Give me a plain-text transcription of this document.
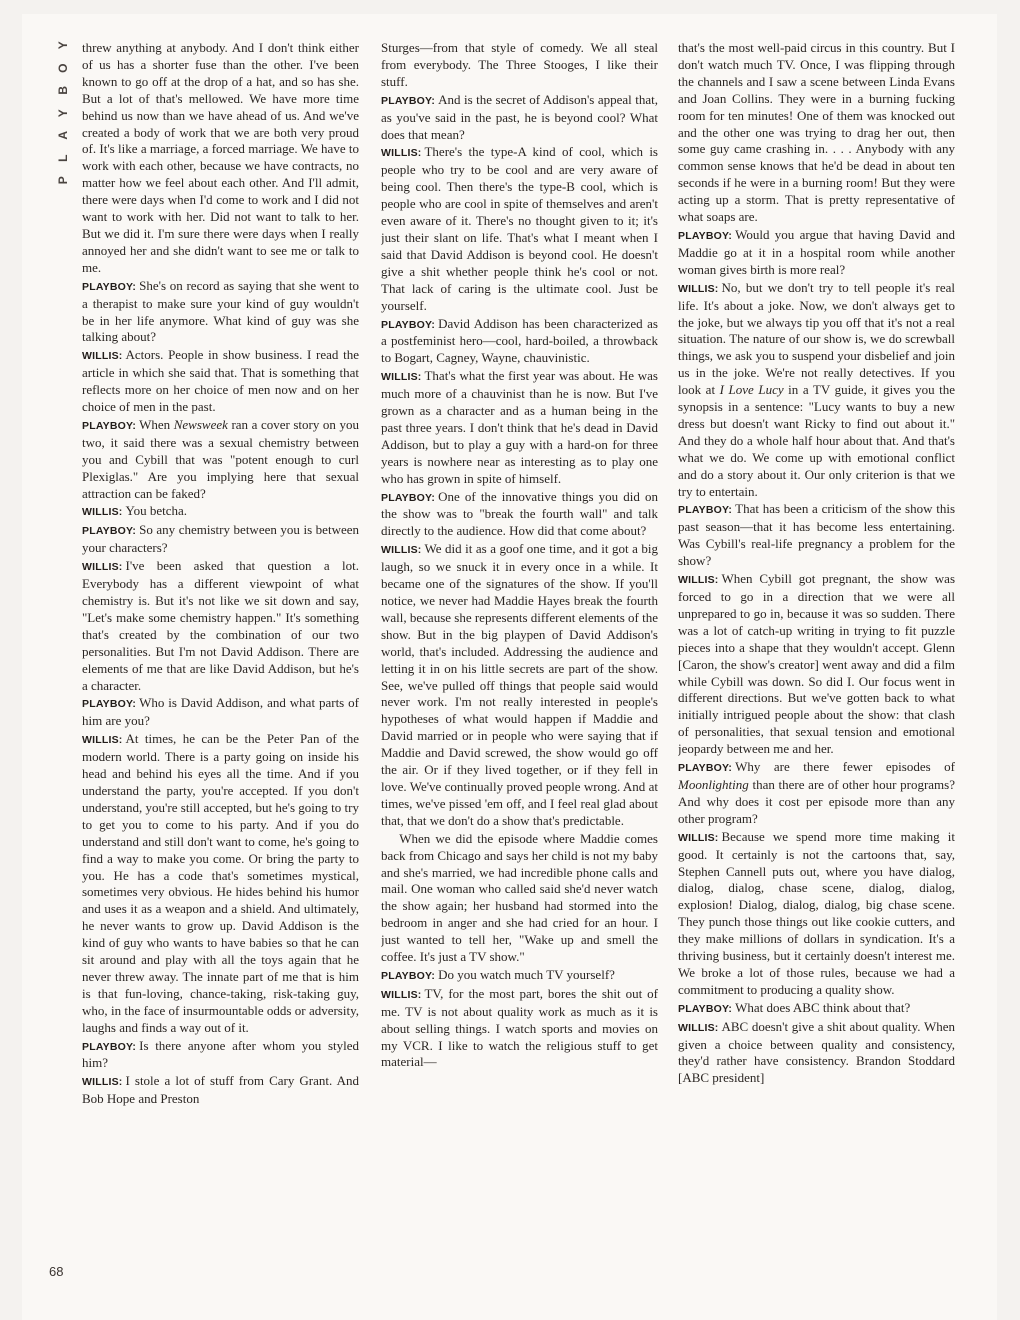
Y
O
B
Y
A
L
P

threw anything at anybody. And I don't think either of us has a shorter fuse than the other. I've been known to go off at the drop of a hat, and so has she. But a lot of that's mellowed. We have more time behind us now than we have ahead of us. And we've created a body of work that we are both very proud of. It's like a marriage, a forced marriage. We have to work with each other, because we have contracts, no matter how we feel about each other. And I'll admit, there were days when I'd come to work and I did not want to work with her. Did not want to talk to her. But we did it. I'm sure there were days when I really annoyed her and she didn't want to see me or talk to me.

PLAYBOY: She's on record as saying that she went to a therapist to make sure your kind of guy wouldn't be in her life anymore. What kind of guy was she talking about?

WILLIS: Actors. People in show business. I read the article in which she said that. That is something that reflects more on her choice of men now and on her choice of men in the past.

PLAYBOY: When Newsweek ran a cover story on you two, it said there was a sexual chemistry between you and Cybill that was "potent enough to curl Plexiglas." Are you implying here that sexual attraction can be faked?

WILLIS: You betcha.

PLAYBOY: So any chemistry between you is between your characters?

WILLIS: I've been asked that question a lot. Everybody has a different viewpoint of what chemistry is. But it's not like we sit down and say, "Let's make some chemistry happen." It's something that's created by the combination of our two personalities. But I'm not David Addison. There are elements of me that are like David Addison, but he's a character.

PLAYBOY: Who is David Addison, and what parts of him are you?

WILLIS: At times, he can be the Peter Pan of the modern world. There is a party going on inside his head and behind his eyes all the time. And if you understand the party, you're accepted. If you don't understand, you're still accepted, but he's going to try to get you to come to his party. And if you do understand and still don't want to come, he's going to find a way to make you come. Or bring the party to you. He has a code that's sometimes mystical, sometimes very obvious. He hides behind his humor and uses it as a weapon and a shield. And ultimately, he never wants to grow up. David Addison is the kind of guy who wants to have babies so that he can sit around and play with all the toys again that he never threw away. The innate part of me that is him is that fun-loving, chance-taking, risk-taking guy, who, in the face of insurmountable odds or adversity, laughs and finds a way out of it.

PLAYBOY: Is there anyone after whom you styled him?

WILLIS: I stole a lot of stuff from Cary Grant. And Bob Hope and Preston

Sturges—from that style of comedy. We all steal from everybody. The Three Stooges, I like their stuff.

PLAYBOY: And is the secret of Addison's appeal that, as you've said in the past, he is beyond cool? What does that mean?

WILLIS: There's the type-A kind of cool, which is people who try to be cool and are very aware of being cool. Then there's the type-B cool, which is people who are cool in spite of themselves and aren't even aware of it. There's no thought given to it; it's just their slant on life. That's what I meant when I said that David Addison is beyond cool. He doesn't give a shit whether people think he's cool or not. That lack of caring is the ultimate cool. Just be yourself.

PLAYBOY: David Addison has been characterized as a postfeminist hero—cool, hard-boiled, a throwback to Bogart, Cagney, Wayne, chauvinistic.

WILLIS: That's what the first year was about. He was much more of a chauvinist than he is now. But I've grown as a character and as a human being in the past three years. I don't think that he's dead in David Addison, but to play a guy with a hard-on for three years is nowhere near as interesting as to play one who has grown in spite of himself.

PLAYBOY: One of the innovative things you did on the show was to "break the fourth wall" and talk directly to the audience. How did that come about?

WILLIS: We did it as a goof one time, and it got a big laugh, so we snuck it in every once in a while. It became one of the signatures of the show. If you'll notice, we never had Maddie Hayes break the fourth wall, because she represents different elements of the show. But in the big playpen of David Addison's world, that's included. Addressing the audience and letting it in on his little secrets are part of the show. See, we've pulled off things that people said would never work. I'm not really interested in people's hypotheses of what would happen if Maddie and David married or in people who were saying that if Maddie and David screwed, the show would go off the air. Or if they lived together, or if they fell in love. We've continually proved people wrong. And at times, we've pissed 'em off, and I feel real glad about that, that we don't do a show that's predictable.

When we did the episode where Maddie comes back from Chicago and says her child is not my baby and she's married, we had incredible phone calls and mail. One woman who called said she'd never watch the show again; her husband had stormed into the bedroom in anger and she had cried for an hour. I just wanted to tell her, "Wake up and smell the coffee. It's just a TV show."

PLAYBOY: Do you watch much TV yourself?

WILLIS: TV, for the most part, bores the shit out of me. TV is not about quality work as much as it is about selling things. I watch sports and movies on my VCR. I like to watch the religious stuff to get material—

that's the most well-paid circus in this country. But I don't watch much TV. Once, I was flipping through the channels and I saw a scene between Linda Evans and Joan Collins. They were in a burning fucking room for ten minutes! One of them was knocked out and the other one was trying to drag her out, then some guy came crashing in. . . . Anybody with any common sense knows that he'd be dead in about ten seconds if he were in a burning room! But they were acting up a storm. That is pretty representative of what soaps are.

PLAYBOY: Would you argue that having David and Maddie go at it in a hospital room while another woman gives birth is more real?

WILLIS: No, but we don't try to tell people it's real life. It's about a joke. Now, we don't always get to the joke, but we always tip you off that it's not a real situation. The nature of our show is, we do screwball things, we ask you to suspend your disbelief and join us in the joke. We're not really detectives. If you look at I Love Lucy in a TV guide, it gives you the synopsis in a sentence: "Lucy wants to buy a new dress but doesn't want Ricky to find out about it." And they do a whole half hour about that. And that's what we do. We come up with emotional conflict and do a story about it. Our only criterion is that we try to entertain.

PLAYBOY: That has been a criticism of the show this past season—that it has become less entertaining. Was Cybill's real-life pregnancy a problem for the show?

WILLIS: When Cybill got pregnant, the show was forced to go in a direction that we were all unprepared to go in, because it was so sudden. There was a lot of catch-up writing in trying to fit puzzle pieces into a shape that they wouldn't accept. Glenn [Caron, the show's creator] went away and did a film while Cybill was down. So did I. Our focus went in different directions. But we've gotten back to what initially intrigued people about the show: that clash of personalities, that sexual tension and emotional jeopardy between me and her.

PLAYBOY: Why are there fewer episodes of Moonlighting than there are of other hour programs? And why does it cost per episode more than any other program?

WILLIS: Because we spend more time making it good. It certainly is not the cartoons that, say, Stephen Cannell puts out, where you have dialog, dialog, dialog, chase scene, dialog, dialog, explosion! Dialog, dialog, dialog, big chase scene. They punch those things out like cookie cutters, and they make millions of dollars in syndication. It's a thriving business, but it certainly doesn't interest me. We broke a lot of those rules, because we had a commitment to producing a quality show.

PLAYBOY: What does ABC think about that?

WILLIS: ABC doesn't give a shit about quality. When given a choice between quality and consistency, they'd rather have consistency. Brandon Stoddard [ABC president]

68
